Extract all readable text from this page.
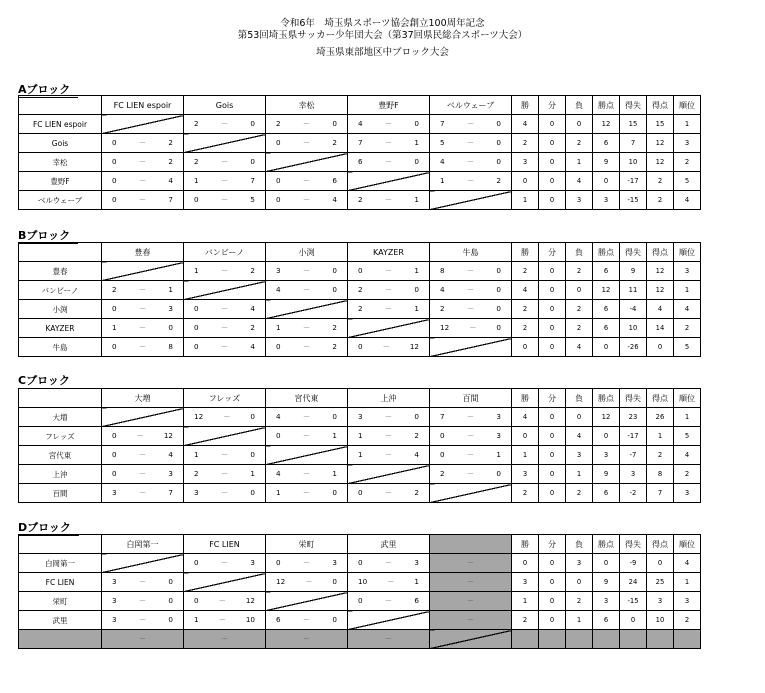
令和6年　埼玉県スポーツ協会創立100周年記念
第53回埼玉県サッカー少年団大会（第37回県民総合スポーツ大会）
埼玉県東部地区中ブロック大会
Aブロック
	FC LIEN espoir	Gois	幸松	豊野F	ベルウェーブ	勝	分	負	勝点	得失	得点	順位
FC LIEN espoir		2 － 0	2 － 0	4 － 0	7 － 0	4	0	0	12	15	15	1
Gois	0 － 2		0 － 2	7 － 1	5 － 0	2	0	2	6	7	12	3
幸松	0 － 2	2 － 0		6 － 0	4 － 0	3	0	1	9	10	12	2
豊野F	0 － 4	1 － 7	0 － 6		1 － 2	0	0	4	0	-17	2	5
ベルウェーブ	0 － 7	0 － 5	0 － 4	2 － 1		1	0	3	3	-15	2	4
Bブロック
	豊春	バンビーノ	小渕	KAYZER	牛島	勝	分	負	勝点	得失	得点	順位
豊春		1 － 2	3 － 0	0 － 1	8 － 0	2	0	2	6	9	12	3
バンビーノ	2 － 1		4 － 0	2 － 0	4 － 0	4	0	0	12	11	12	1
小渕	0 － 3	0 － 4		2 － 1	2 － 0	2	0	2	6	-4	4	4
KAYZER	1 － 0	0 － 2	1 － 2		12 － 0	2	0	2	6	10	14	2
牛島	0 － 8	0 － 4	0 － 2	0 － 12		0	0	4	0	-26	0	5
Cブロック
	大増	フレッズ	宮代東	上沖	百間	勝	分	負	勝点	得失	得点	順位
大増		12 － 0	4 － 0	3 － 0	7 － 3	4	0	0	12	23	26	1
フレッズ	0 － 12		0 － 1	1 － 2	0 － 3	0	0	4	0	-17	1	5
宮代東	0 － 4	1 － 0		1 － 4	0 － 1	1	0	3	3	-7	2	4
上沖	0 － 3	2 － 1	4 － 1		2 － 0	3	0	1	9	3	8	2
百間	3 － 7	3 － 0	1 － 0	0 － 2		2	0	2	6	-2	7	3
Dブロック
	白岡第一	FC LIEN	栄町	武里		勝	分	負	勝点	得失	得点	順位
白岡第一		0 － 3	0 － 3	0 － 3	－	0	0	3	0	-9	0	4
FC LIEN	3 － 0		12 － 0	10 － 1	－	3	0	0	9	24	25	1
栄町	3 － 0	0 － 12		0 － 6	－	1	0	2	3	-15	3	3
武里	3 － 0	1 － 10	6 － 0		－	2	0	1	6	0	10	2
	－	－	－	－								
